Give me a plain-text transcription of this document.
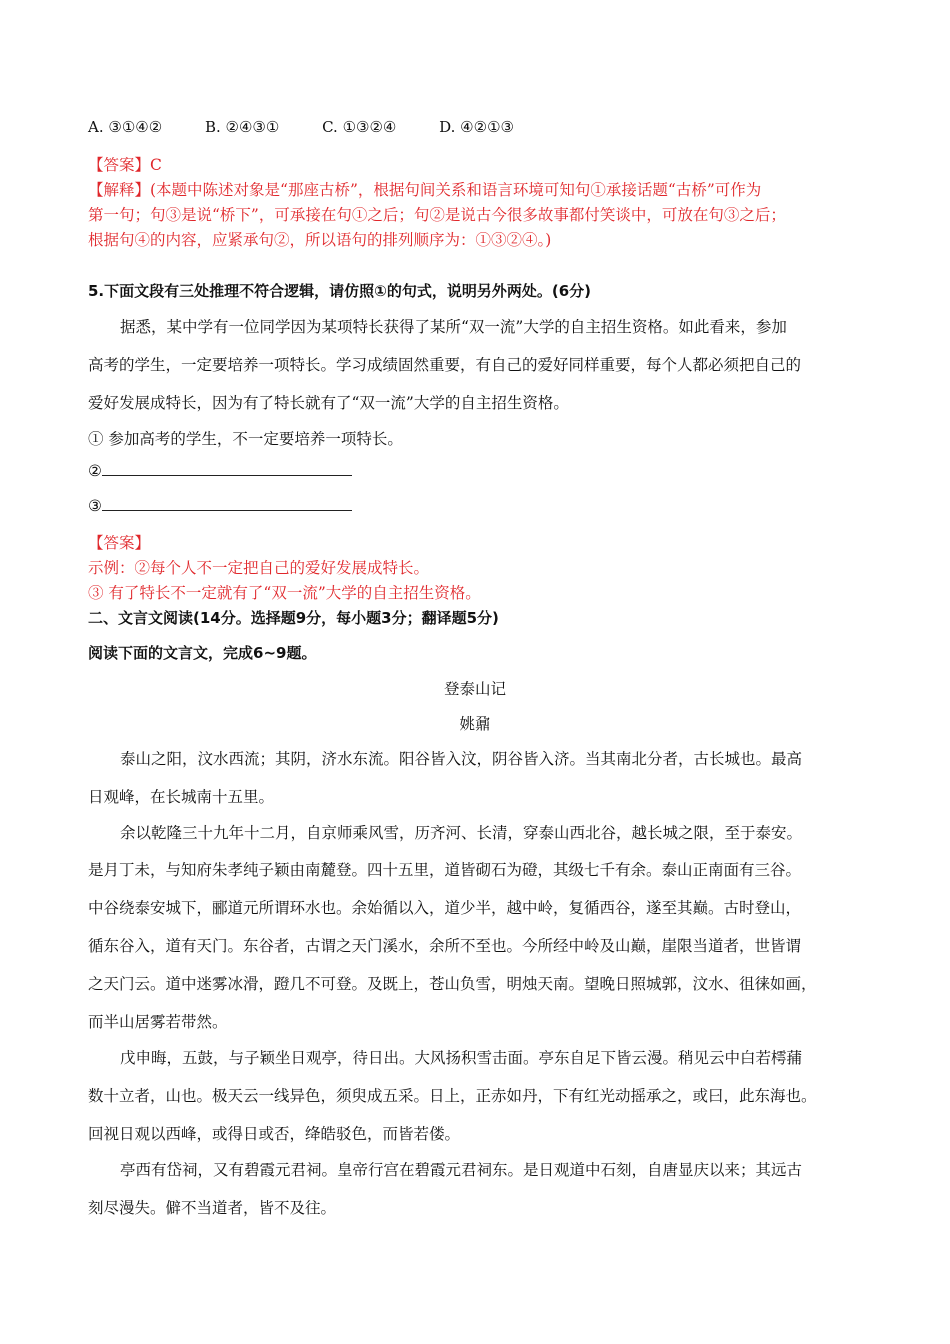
A. ③①④②	B. ②④③①	C. ①③②④	D. ④②①③
【答案】C
【解释】(本题中陈述对象是“那座古桥”，根据句间关系和语言环境可知句①承接话题“古桥”可作为
第一句；句③是说“桥下”，可承接在句①之后；句②是说古今很多故事都付笑谈中，可放在句③之后；
根据句④的内容，应紧承句②，所以语句的排列顺序为：①③②④。)
5.下面文段有三处推理不符合逻辑，请仿照①的句式，说明另外两处。(6分)
据悉，某中学有一位同学因为某项特长获得了某所“双一流”大学的自主招生资格。如此看来，参加
高考的学生，一定要培养一项特长。学习成绩固然重要，有自己的爱好同样重要，每个人都必须把自己的
爱好发展成特长，因为有了特长就有了“双一流”大学的自主招生资格。
① 参加高考的学生，不一定要培养一项特长。
②
③
【答案】
示例：②每个人不一定把自己的爱好发展成特长。
③ 有了特长不一定就有了“双一流”大学的自主招生资格。
二、文言文阅读(14分。选择题9分，每小题3分；翻译题5分)
阅读下面的文言文，完成6~9题。
登泰山记
姚鼐
泰山之阳，汶水西流；其阴，济水东流。阳谷皆入汶，阴谷皆入济。当其南北分者，古长城也。最高
日观峰，在长城南十五里。
余以乾隆三十九年十二月，自京师乘风雪，历齐河、长清，穿泰山西北谷，越长城之限，至于泰安。
是月丁未，与知府朱孝纯子颖由南麓登。四十五里，道皆砌石为磴，其级七千有余。泰山正南面有三谷。
中谷绕泰安城下，郦道元所谓环水也。余始循以入，道少半，越中岭，复循西谷，遂至其巅。古时登山，
循东谷入，道有天门。东谷者，古谓之天门溪水，余所不至也。今所经中岭及山巅，崖限当道者，世皆谓
之天门云。道中迷雾冰滑，蹬几不可登。及既上，苍山负雪，明烛天南。望晚日照城郭，汶水、徂徕如画，
而半山居雾若带然。
戊申晦，五鼓，与子颖坐日观亭，待日出。大风扬积雪击面。亭东自足下皆云漫。稍见云中白若樗蒱
数十立者，山也。极天云一线异色，须臾成五采。日上，正赤如丹，下有红光动摇承之，或曰，此东海也。
回视日观以西峰，或得日或否，绛皓驳色，而皆若偻。
亭西有岱祠，又有碧霞元君祠。皇帝行宫在碧霞元君祠东。是日观道中石刻，自唐显庆以来；其远古
刻尽漫失。僻不当道者，皆不及往。
